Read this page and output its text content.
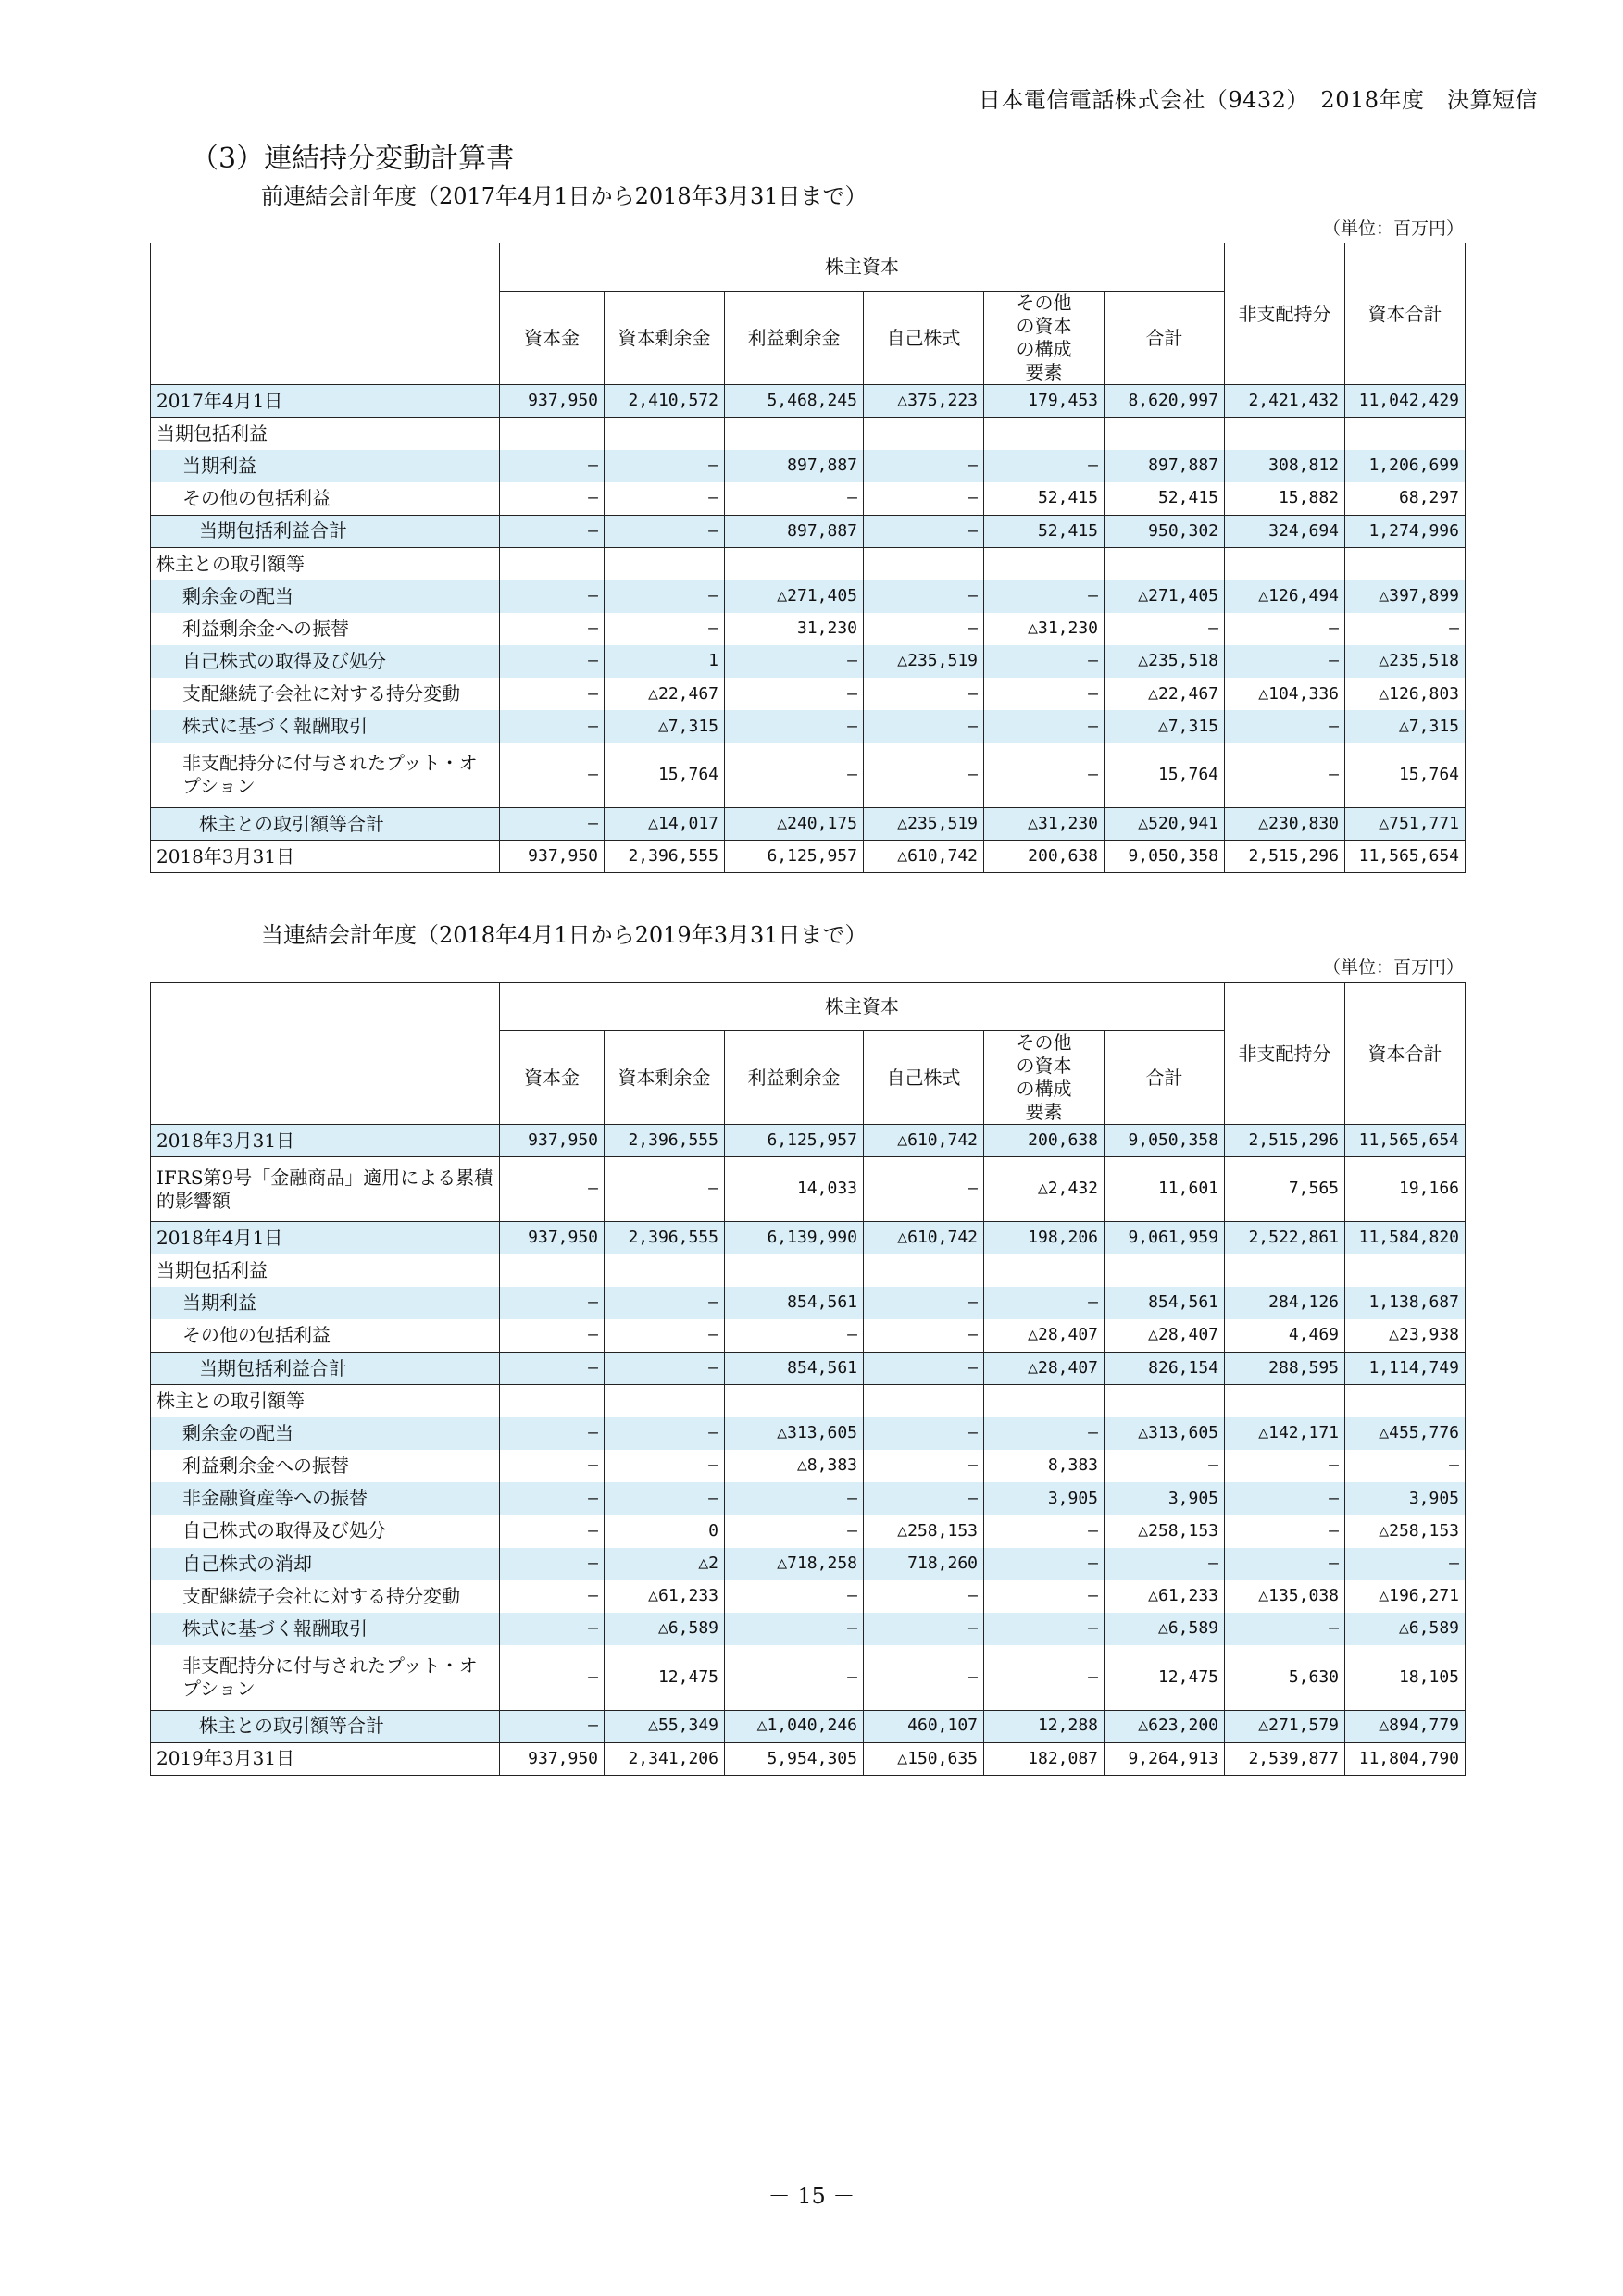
日本電信電話株式会社（9432）　2018年度　決算短信
（3）連結持分変動計算書
前連結会計年度（2017年4月1日から2018年3月31日まで）
（単位：百万円）
	株主資本						非支配持分	資本合計
	資本金	資本剰余金	利益剰余金	自己株式	その他の資本の構成要素	合計		
2017年4月1日	937,950	2,410,572	5,468,245	△375,223	179,453	8,620,997	2,421,432	11,042,429
当期包括利益								
当期利益	—	—	897,887	—	—	897,887	308,812	1,206,699
その他の包括利益	—	—	—	—	52,415	52,415	15,882	68,297
当期包括利益合計	—	—	897,887	—	52,415	950,302	324,694	1,274,996
株主との取引額等								
剰余金の配当	—	—	△271,405	—	—	△271,405	△126,494	△397,899
利益剰余金への振替	—	—	31,230	—	△31,230	—	—	—
自己株式の取得及び処分	—	1	—	△235,519	—	△235,518	—	△235,518
支配継続子会社に対する持分変動	—	△22,467	—	—	—	△22,467	△104,336	△126,803
株式に基づく報酬取引	—	△7,315	—	—	—	△7,315	—	△7,315
非支配持分に付与されたプット・オプション	—	15,764	—	—	—	15,764	—	15,764
株主との取引額等合計	—	△14,017	△240,175	△235,519	△31,230	△520,941	△230,830	△751,771
2018年3月31日	937,950	2,396,555	6,125,957	△610,742	200,638	9,050,358	2,515,296	11,565,654
当連結会計年度（2018年4月1日から2019年3月31日まで）
（単位：百万円）
	株主資本						非支配持分	資本合計
	資本金	資本剰余金	利益剰余金	自己株式	その他の資本の構成要素	合計		
2018年3月31日	937,950	2,396,555	6,125,957	△610,742	200,638	9,050,358	2,515,296	11,565,654
IFRS第9号「金融商品」適用による累積的影響額	—	—	14,033	—	△2,432	11,601	7,565	19,166
2018年4月1日	937,950	2,396,555	6,139,990	△610,742	198,206	9,061,959	2,522,861	11,584,820
当期包括利益								
当期利益	—	—	854,561	—	—	854,561	284,126	1,138,687
その他の包括利益	—	—	—	—	△28,407	△28,407	4,469	△23,938
当期包括利益合計	—	—	854,561	—	△28,407	826,154	288,595	1,114,749
株主との取引額等								
剰余金の配当	—	—	△313,605	—	—	△313,605	△142,171	△455,776
利益剰余金への振替	—	—	△8,383	—	8,383	—	—	—
非金融資産等への振替	—	—	—	—	3,905	3,905	—	3,905
自己株式の取得及び処分	—	0	—	△258,153	—	△258,153	—	△258,153
自己株式の消却	—	△2	△718,258	718,260	—	—	—	—
支配継続子会社に対する持分変動	—	△61,233	—	—	—	△61,233	△135,038	△196,271
株式に基づく報酬取引	—	△6,589	—	—	—	△6,589	—	△6,589
非支配持分に付与されたプット・オプション	—	12,475	—	—	—	12,475	5,630	18,105
株主との取引額等合計	—	△55,349	△1,040,246	460,107	12,288	△623,200	△271,579	△894,779
2019年3月31日	937,950	2,341,206	5,954,305	△150,635	182,087	9,264,913	2,539,877	11,804,790
－ 15 －
